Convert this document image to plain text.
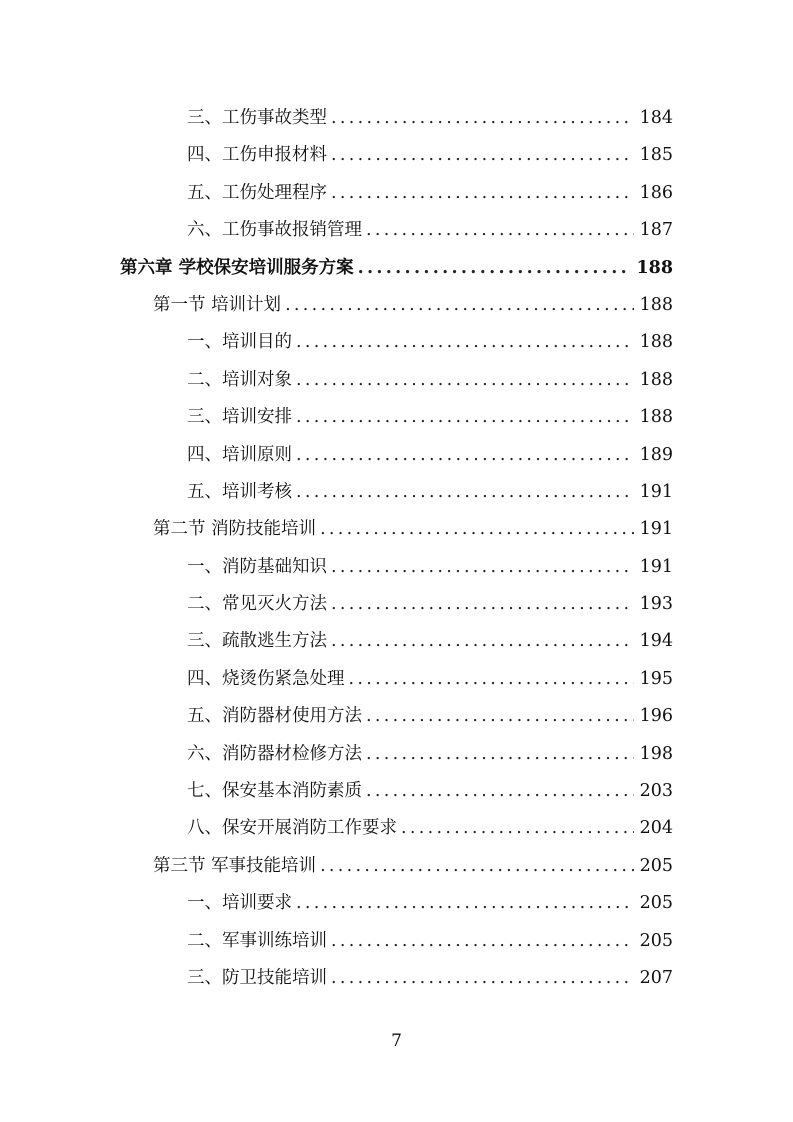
三、工伤事故类型 .....	184
四、工伤申报材料 .....	185
五、工伤处理程序 .....	186
六、工伤事故报销管理 .....	187
第六章 学校保安培训服务方案 .....	188
第一节 培训计划 .....	188
一、培训目的 .....	188
二、培训对象 .....	188
三、培训安排 .....	188
四、培训原则 .....	189
五、培训考核 .....	191
第二节 消防技能培训 .....	191
一、消防基础知识 .....	191
二、常见灭火方法 .....	193
三、疏散逃生方法 .....	194
四、烧烫伤紧急处理 .....	195
五、消防器材使用方法 .....	196
六、消防器材检修方法 .....	198
七、保安基本消防素质 .....	203
八、保安开展消防工作要求 .....	204
第三节 军事技能培训 .....	205
一、培训要求 .....	205
二、军事训练培训 .....	205
三、防卫技能培训 .....	207
7
